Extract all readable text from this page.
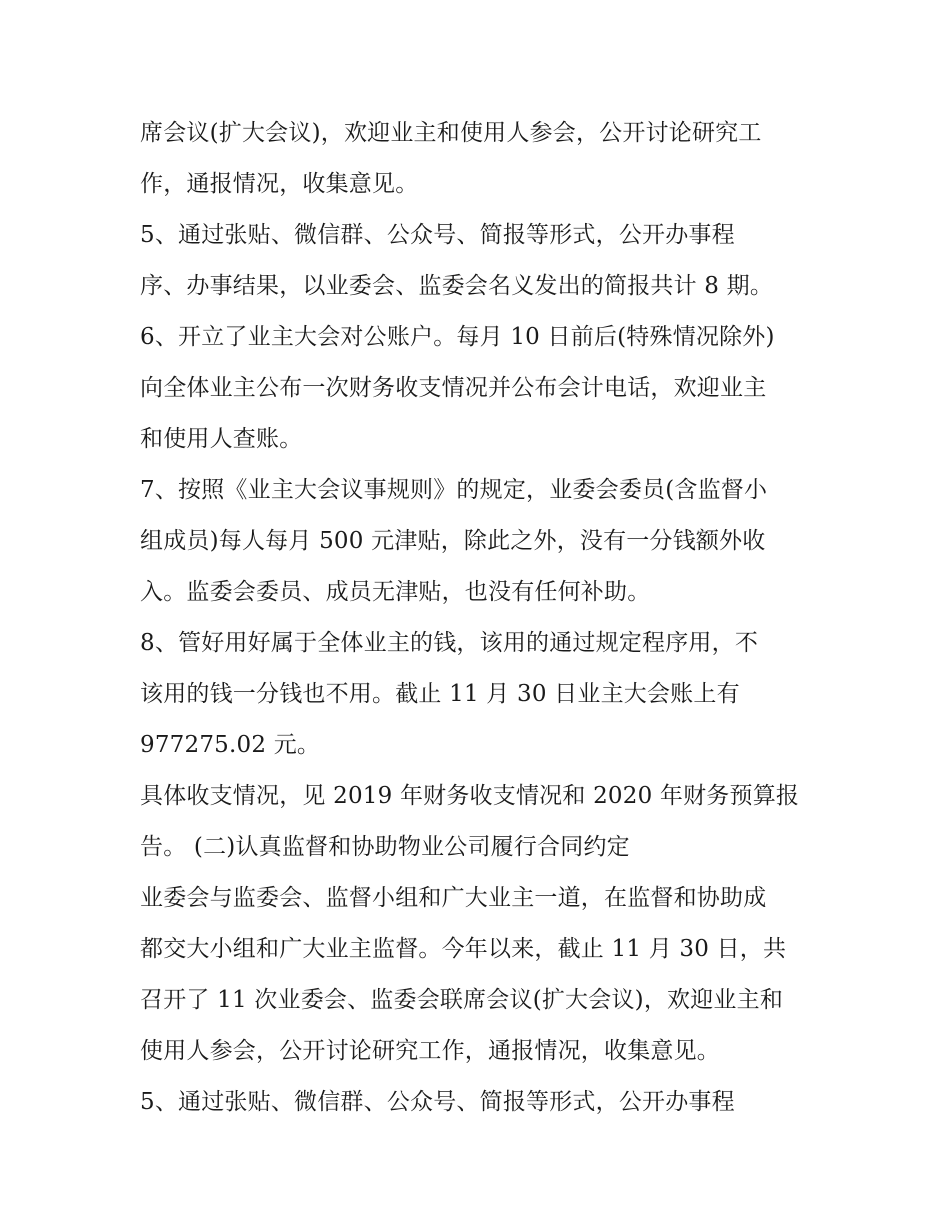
席会议(扩大会议)，欢迎业主和使用人参会，公开讨论研究工
作，通报情况，收集意见。
5、通过张贴、微信群、公众号、简报等形式，公开办事程
序、办事结果，以业委会、监委会名义发出的简报共计 8 期。
6、开立了业主大会对公账户。每月 10 日前后(特殊情况除外)
向全体业主公布一次财务收支情况并公布会计电话，欢迎业主
和使用人查账。
7、按照《业主大会议事规则》的规定，业委会委员(含监督小
组成员)每人每月 500 元津贴，除此之外，没有一分钱额外收
入。监委会委员、成员无津贴，也没有任何补助。
8、管好用好属于全体业主的钱，该用的通过规定程序用，不
该用的钱一分钱也不用。截止 11 月 30 日业主大会账上有
977275.02 元。
具体收支情况，见 2019 年财务收支情况和 2020 年财务预算报
告。 (二)认真监督和协助物业公司履行合同约定
业委会与监委会、监督小组和广大业主一道，在监督和协助成
都交大小组和广大业主监督。今年以来，截止 11 月 30 日，共
召开了 11 次业委会、监委会联席会议(扩大会议)，欢迎业主和
使用人参会，公开讨论研究工作，通报情况，收集意见。
5、通过张贴、微信群、公众号、简报等形式，公开办事程
